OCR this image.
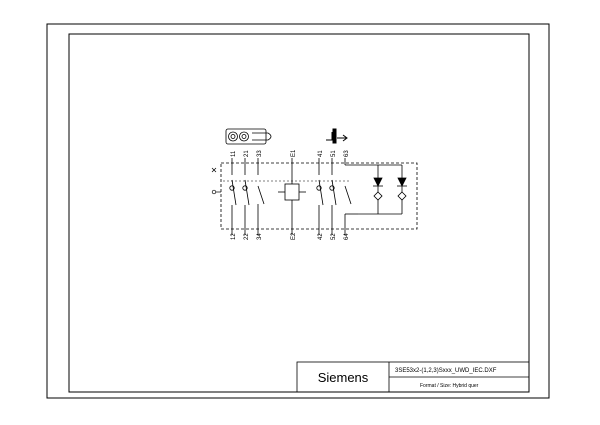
Siemens	3SE53x2-(1,2,3)Sxxx_UWD_IEC.DXF
Format / Size: Hybrid quer
11 21 33	E1	41 51 63
12 22 34	E2	42 52 64
